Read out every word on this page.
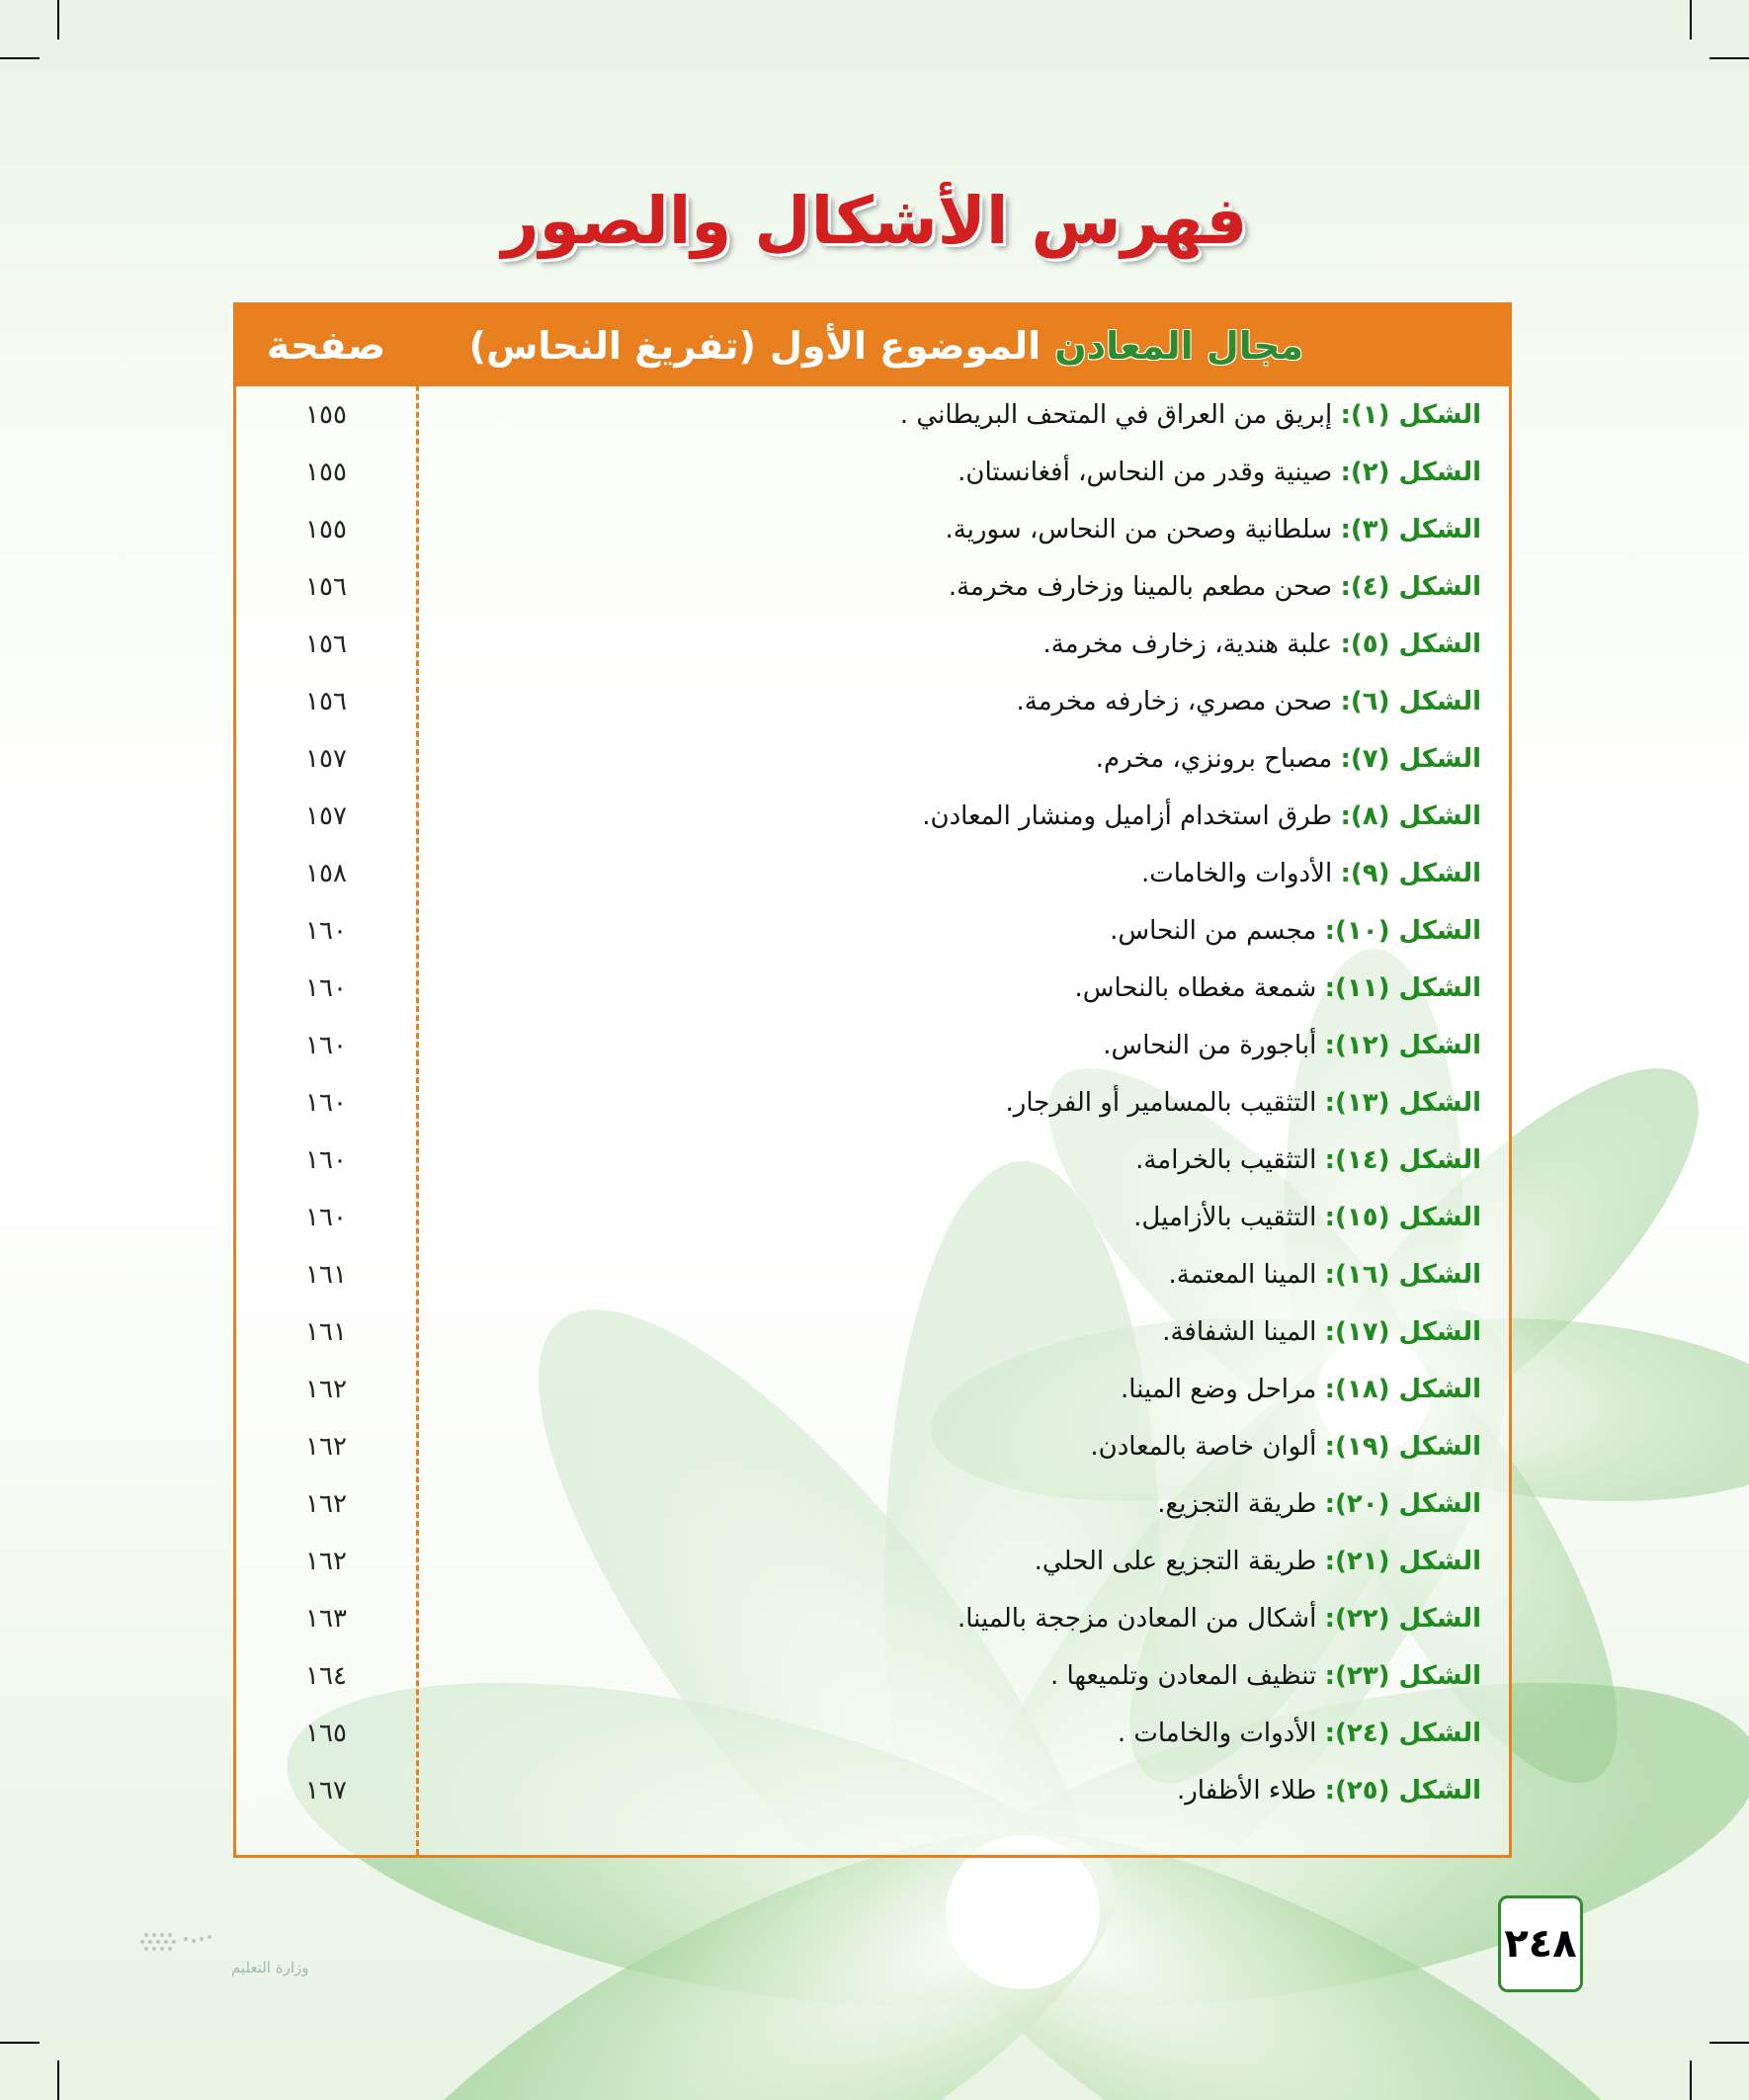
فهرس الأشكال والصور
مجال المعادنالموضوع الأول(تفريغ النحاس)
صفحة
الشكل (١): إبريق من العراق في المتحف البريطاني .
١٥٥
الشكل (٢): صينية وقدر من النحاس، أفغانستان.
١٥٥
الشكل (٣): سلطانية وصحن من النحاس، سورية.
١٥٥
الشكل (٤): صحن مطعم بالمينا وزخارف مخرمة.
١٥٦
الشكل (٥): علبة هندية، زخارف مخرمة.
١٥٦
الشكل (٦): صحن مصري، زخارفه مخرمة.
١٥٦
الشكل (٧): مصباح برونزي، مخرم.
١٥٧
الشكل (٨): طرق استخدام أزاميل ومنشار المعادن.
١٥٧
الشكل (٩): الأدوات والخامات.
١٥٨
الشكل (١٠): مجسم من النحاس.
١٦٠
الشكل (١١): شمعة مغطاه بالنحاس.
١٦٠
الشكل (١٢): أباجورة من النحاس.
١٦٠
الشكل (١٣): التثقيب بالمسامير أو الفرجار.
١٦٠
الشكل (١٤): التثقيب بالخرامة.
١٦٠
الشكل (١٥): التثقيب بالأزاميل.
١٦٠
الشكل (١٦): المينا المعتمة.
١٦١
الشكل (١٧): المينا الشفافة.
١٦١
الشكل (١٨): مراحل وضع المينا.
١٦٢
الشكل (١٩): ألوان خاصة بالمعادن.
١٦٢
الشكل (٢٠): طريقة التجزيع.
١٦٢
الشكل (٢١): طريقة التجزيع على الحلي.
١٦٢
الشكل (٢٢): أشكال من المعادن مزججة بالمينا.
١٦٣
الشكل (٢٣): تنظيف المعادن وتلميعها .
١٦٤
الشكل (٢٤): الأدوات والخامات .
١٦٥
الشكل (٢٥): طلاء الأظفار.
١٦٧
٢٤٨
وزارة التعليم
